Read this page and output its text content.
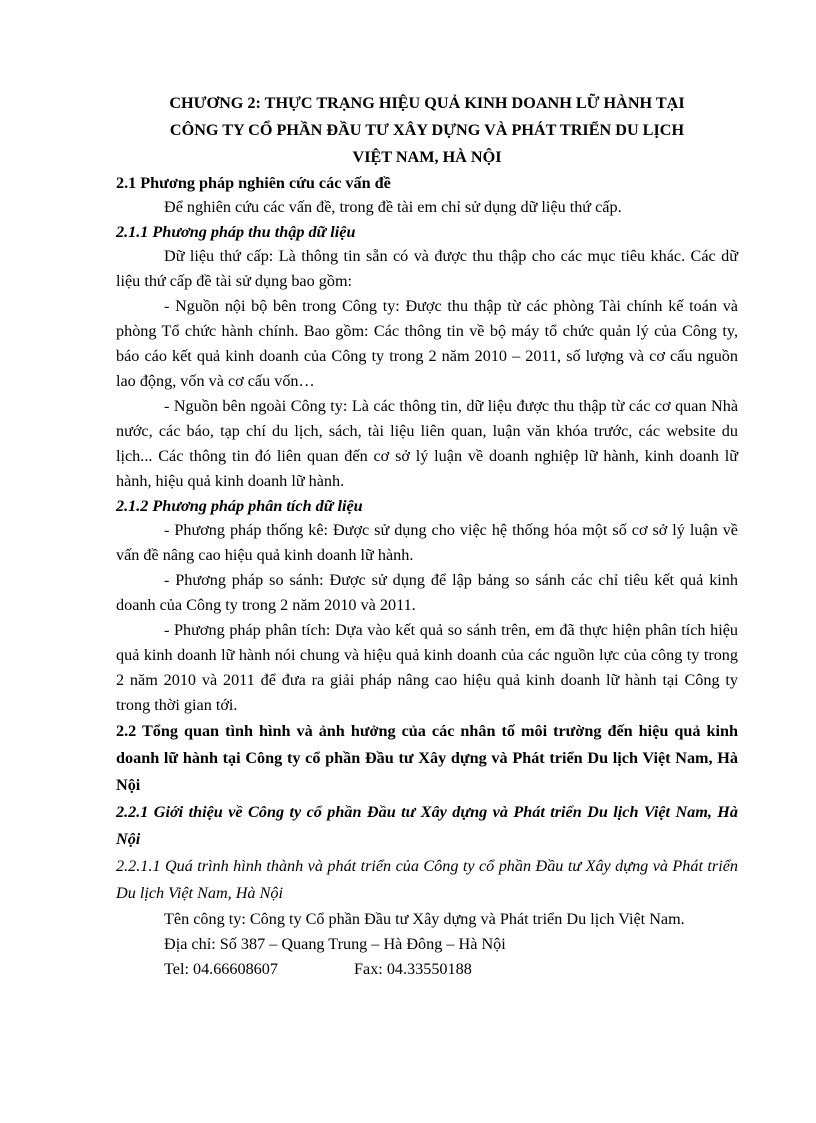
CHƯƠNG 2: THỰC TRẠNG HIỆU QUẢ KINH DOANH LỮ HÀNH TẠI
CÔNG TY CỔ PHẦN ĐẦU TƯ XÂY DỰNG VÀ PHÁT TRIỂN DU LỊCH
VIỆT NAM, HÀ NỘI
2.1 Phương pháp nghiên cứu các vấn đề

Để nghiên cứu các vấn đề, trong đề tài em chỉ sử dụng dữ liệu thứ cấp.

2.1.1 Phương pháp thu thập dữ liệu

Dữ liệu thứ cấp: Là thông tin sẵn có và được thu thập cho các mục tiêu khác. Các dữ liệu thứ cấp đề tài sử dụng bao gồm:

- Nguồn nội bộ bên trong Công ty: Được thu thập từ các phòng Tài chính kế toán và phòng Tổ chức hành chính. Bao gồm: Các thông tin về bộ máy tổ chức quản lý của Công ty, báo cáo kết quả kinh doanh của Công ty trong 2 năm 2010 – 2011, số lượng và cơ cấu nguồn lao động, vốn và cơ cấu vốn…

- Nguồn bên ngoài Công ty: Là các thông tin, dữ liệu được thu thập từ các cơ quan Nhà nước, các báo, tạp chí du lịch, sách, tài liệu liên quan, luận văn khóa trước, các website du lịch... Các thông tin đó liên quan đến cơ sở lý luận về doanh nghiệp lữ hành, kinh doanh lữ hành, hiệu quả kinh doanh lữ hành.

2.1.2 Phương pháp phân tích dữ liệu

- Phương pháp thống kê: Được sử dụng cho việc hệ thống hóa một số cơ sở lý luận về vấn đề nâng cao hiệu quả kinh doanh lữ hành.

- Phương pháp so sánh: Được sử dụng để lập bảng so sánh các chỉ tiêu kết quả kinh doanh của Công ty trong 2 năm 2010 và 2011.

- Phương pháp phân tích: Dựa vào kết quả so sánh trên, em đã thực hiện phân tích hiệu quả kinh doanh lữ hành nói chung và hiệu quả kinh doanh của các nguồn lực của công ty trong 2 năm 2010 và 2011 để đưa ra giải pháp nâng cao hiệu quả kinh doanh lữ hành tại Công ty trong thời gian tới.

2.2 Tổng quan tình hình và ảnh hưởng của các nhân tố môi trường đến hiệu quả kinh doanh lữ hành tại Công ty cổ phần Đầu tư Xây dựng và Phát triển Du lịch Việt Nam, Hà Nội
2.2.1 Giới thiệu về Công ty cổ phần Đầu tư Xây dựng và Phát triển Du lịch Việt Nam, Hà Nội
2.2.1.1 Quá trình hình thành và phát triển của Công ty cổ phần Đầu tư Xây dựng và Phát triển Du lịch Việt Nam, Hà Nội

Tên công ty: Công ty Cổ phần Đầu tư Xây dựng và Phát triển Du lịch Việt Nam.

Địa chỉ: Số 387 – Quang Trung – Hà Đông – Hà Nội

Tel: 04.66608607	Fax: 04.33550188
